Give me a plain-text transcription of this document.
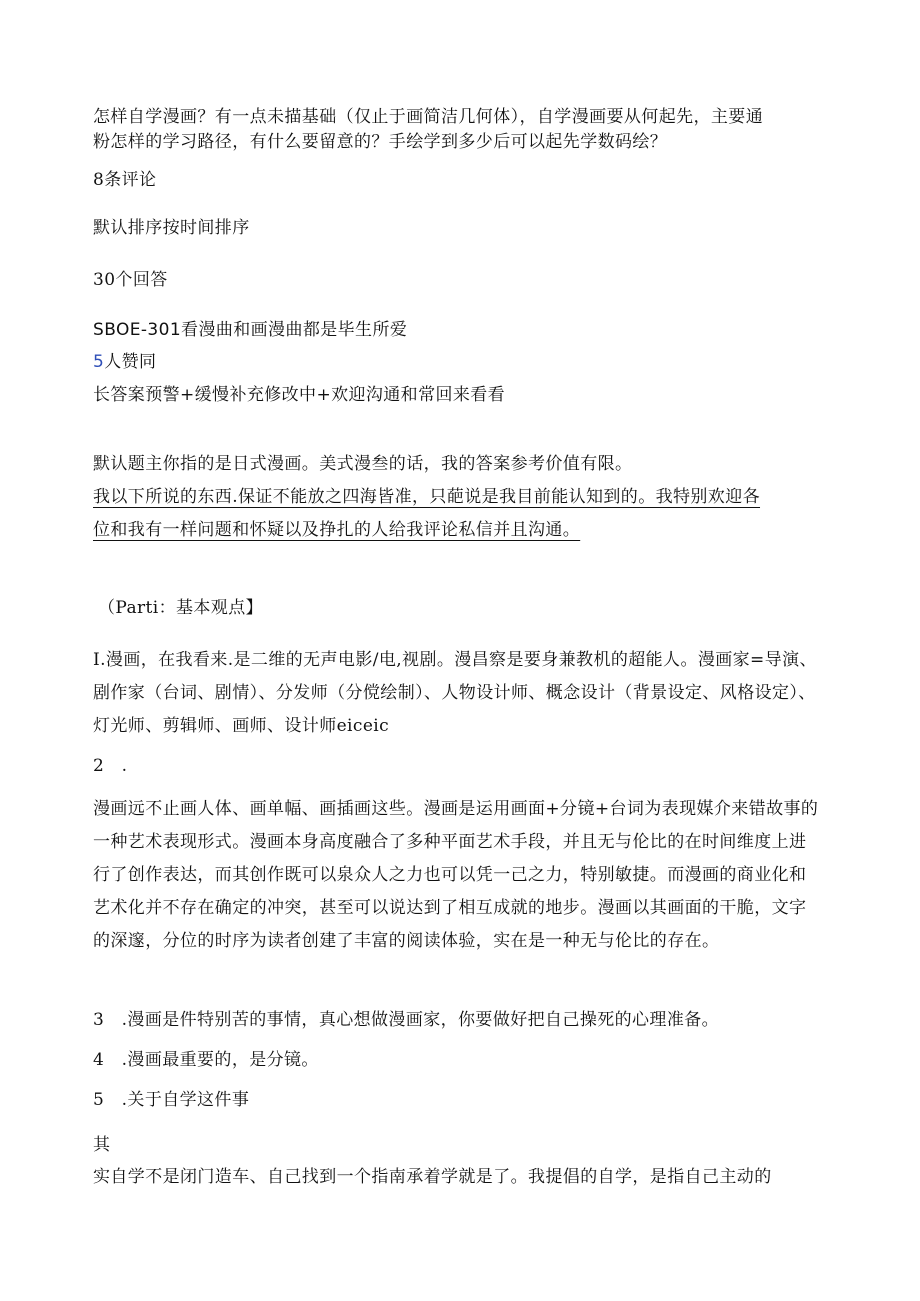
怎样自学漫画？有一点未描基础（仅止于画简洁几何体），自学漫画要从何起先，主要通
粉怎样的学习路径，有什么要留意的？手绘学到多少后可以起先学数码绘？
8条评论
默认排序按时间排序
30个回答
SBOE-301看漫曲和画漫曲都是毕生所爱
5人赞同
长答案预警+缓慢补充修改中+欢迎沟通和常回来看看
默认题主你指的是日式漫画。美式漫叁的话，我的答案参考价值有限。
我以下所说的东西.保证不能放之四海皆准，只葩说是我目前能认知到的。我特别欢迎各
位和我有一样问题和怀疑以及挣扎的人给我评论私信并且沟通。
（Parti：基本观点】
I.漫画，在我看来.是二维的无声电影/电,视剧。漫昌察是要身兼教机的超能人。漫画家=导演、剧作家（台词、剧情）、分发师（分傥绘制）、人物设计师、概念设计（背景设定、风格设定）、灯光师、剪辑师、画师、设计师eiceic
2　.
漫画远不止画人体、画单幅、画插画这些。漫画是运用画面+分镜+台词为表现媒介来错故事的一种艺术表现形式。漫画本身高度融合了多种平面艺术手段，并且无与伦比的在时间维度上进行了创作表达，而其创作既可以泉众人之力也可以凭一己之力，特别敏捷。而漫画的商业化和艺术化并不存在确定的冲突，甚至可以说达到了相互成就的地步。漫画以其画面的干脆，文字的深邃，分位的时序为读者创建了丰富的阅读体验，实在是一种无与伦比的存在。
3　.漫画是件特别苦的事情，真心想做漫画家，你要做好把自己操死的心理准备。
4　.漫画最重要的，是分镜。
5　.关于自学这件事
其
实自学不是闭门造车、自己找到一个指南承着学就是了。我提倡的自学，是指自己主动的
